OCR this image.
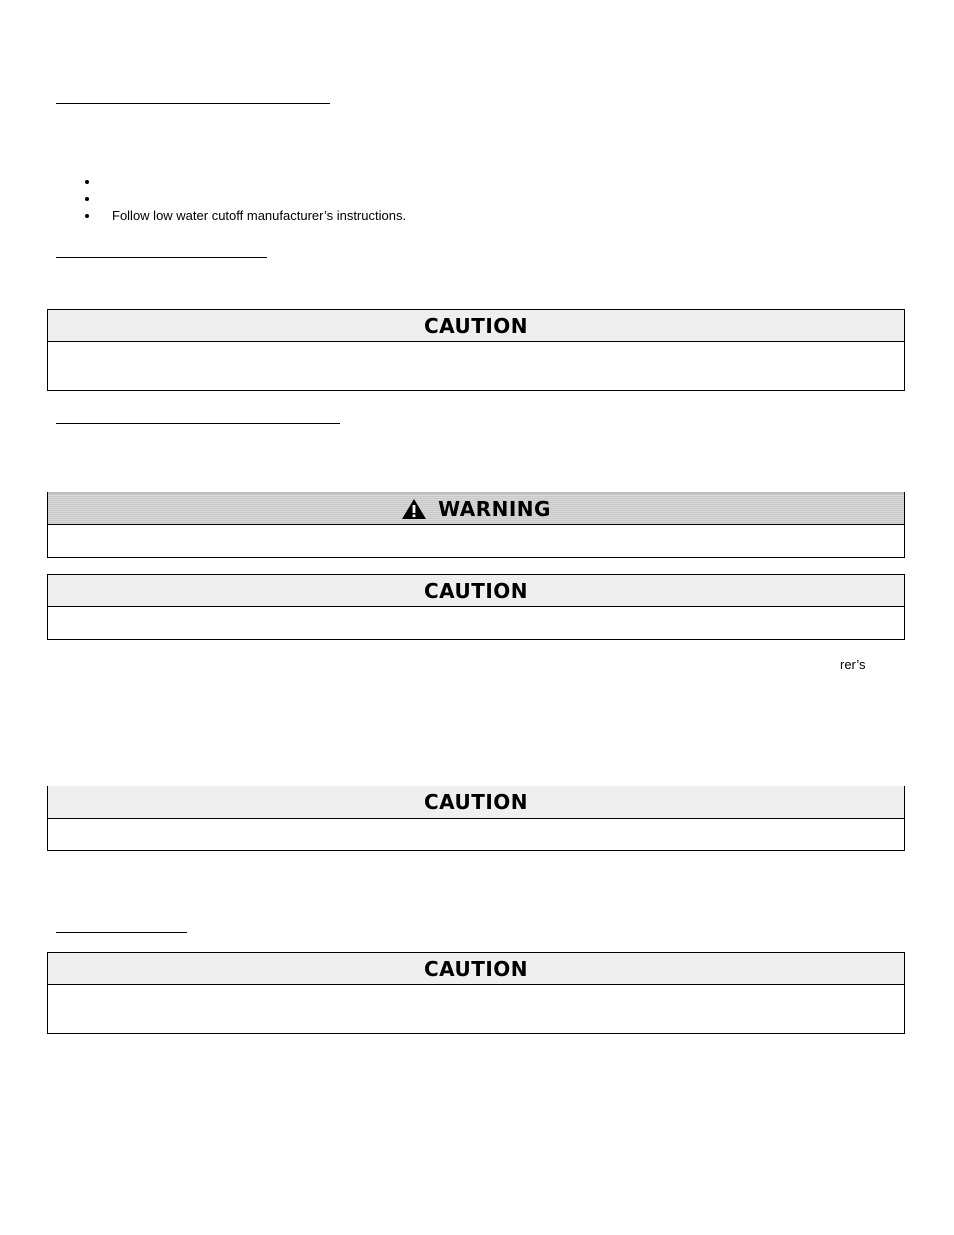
Follow low water cutoff manufacturer’s instructions.
CAUTION
WARNING
CAUTION
rer’s
CAUTION
CAUTION
